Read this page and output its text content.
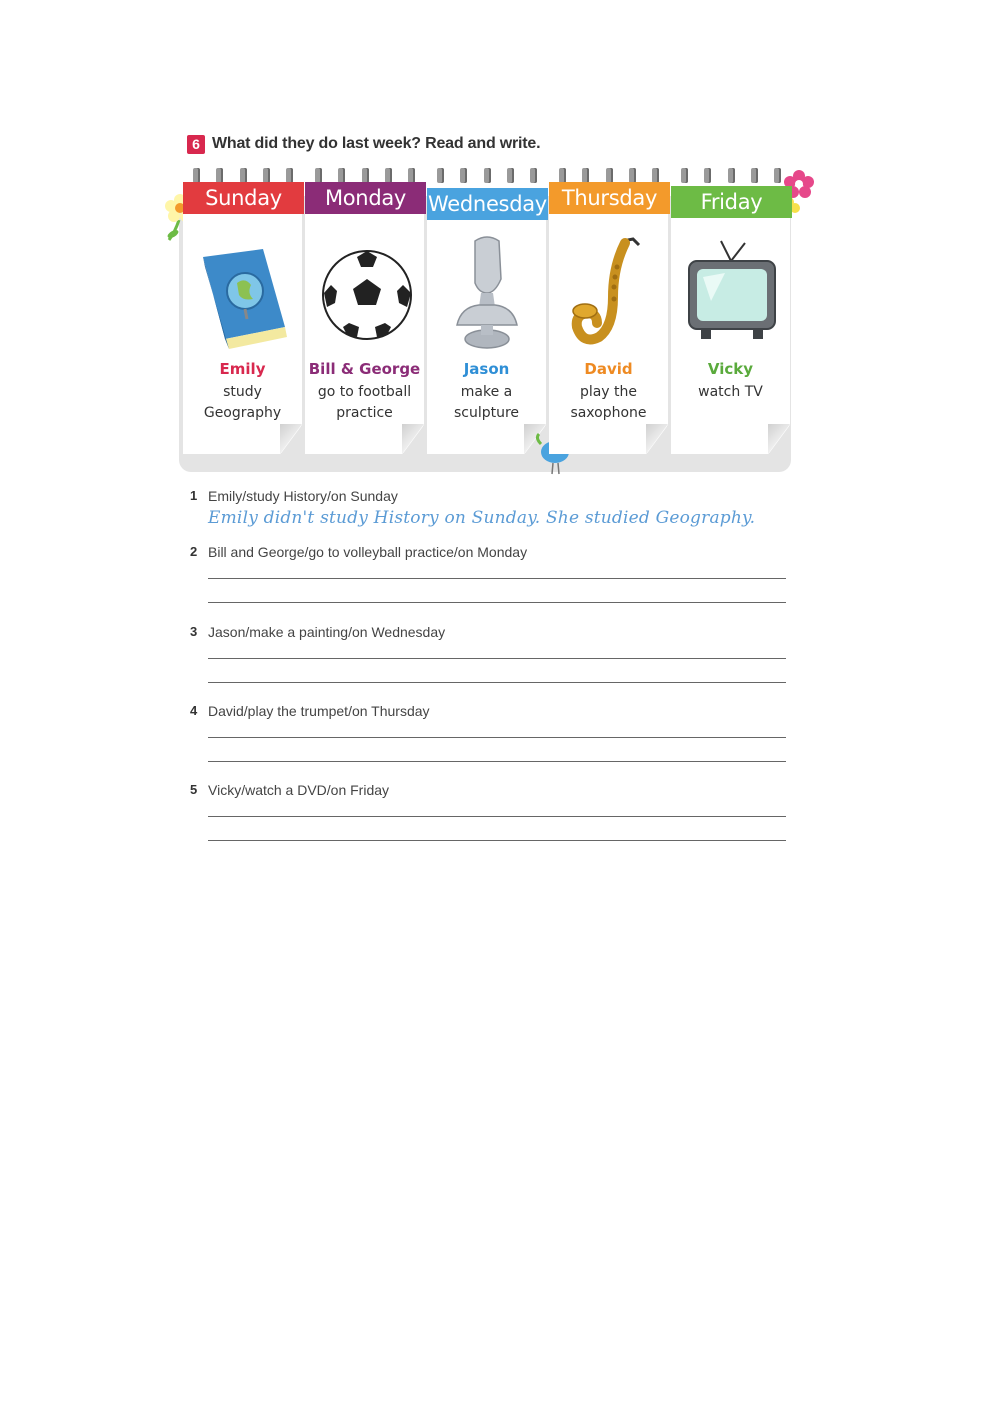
6 What did they do last week? Read and write.
Sunday
Emily
study Geography
Monday
Bill & George
go to football practice
Wednesday
Jason
make a sculpture
Thursday
David
play the saxophone
Friday
Vicky
watch TV
1 Emily/study History/on Sunday
Emily didn't study History on Sunday. She studied Geography.
2 Bill and George/go to volleyball practice/on Monday
3 Jason/make a painting/on Wednesday
4 David/play the trumpet/on Thursday
5 Vicky/watch a DVD/on Friday
